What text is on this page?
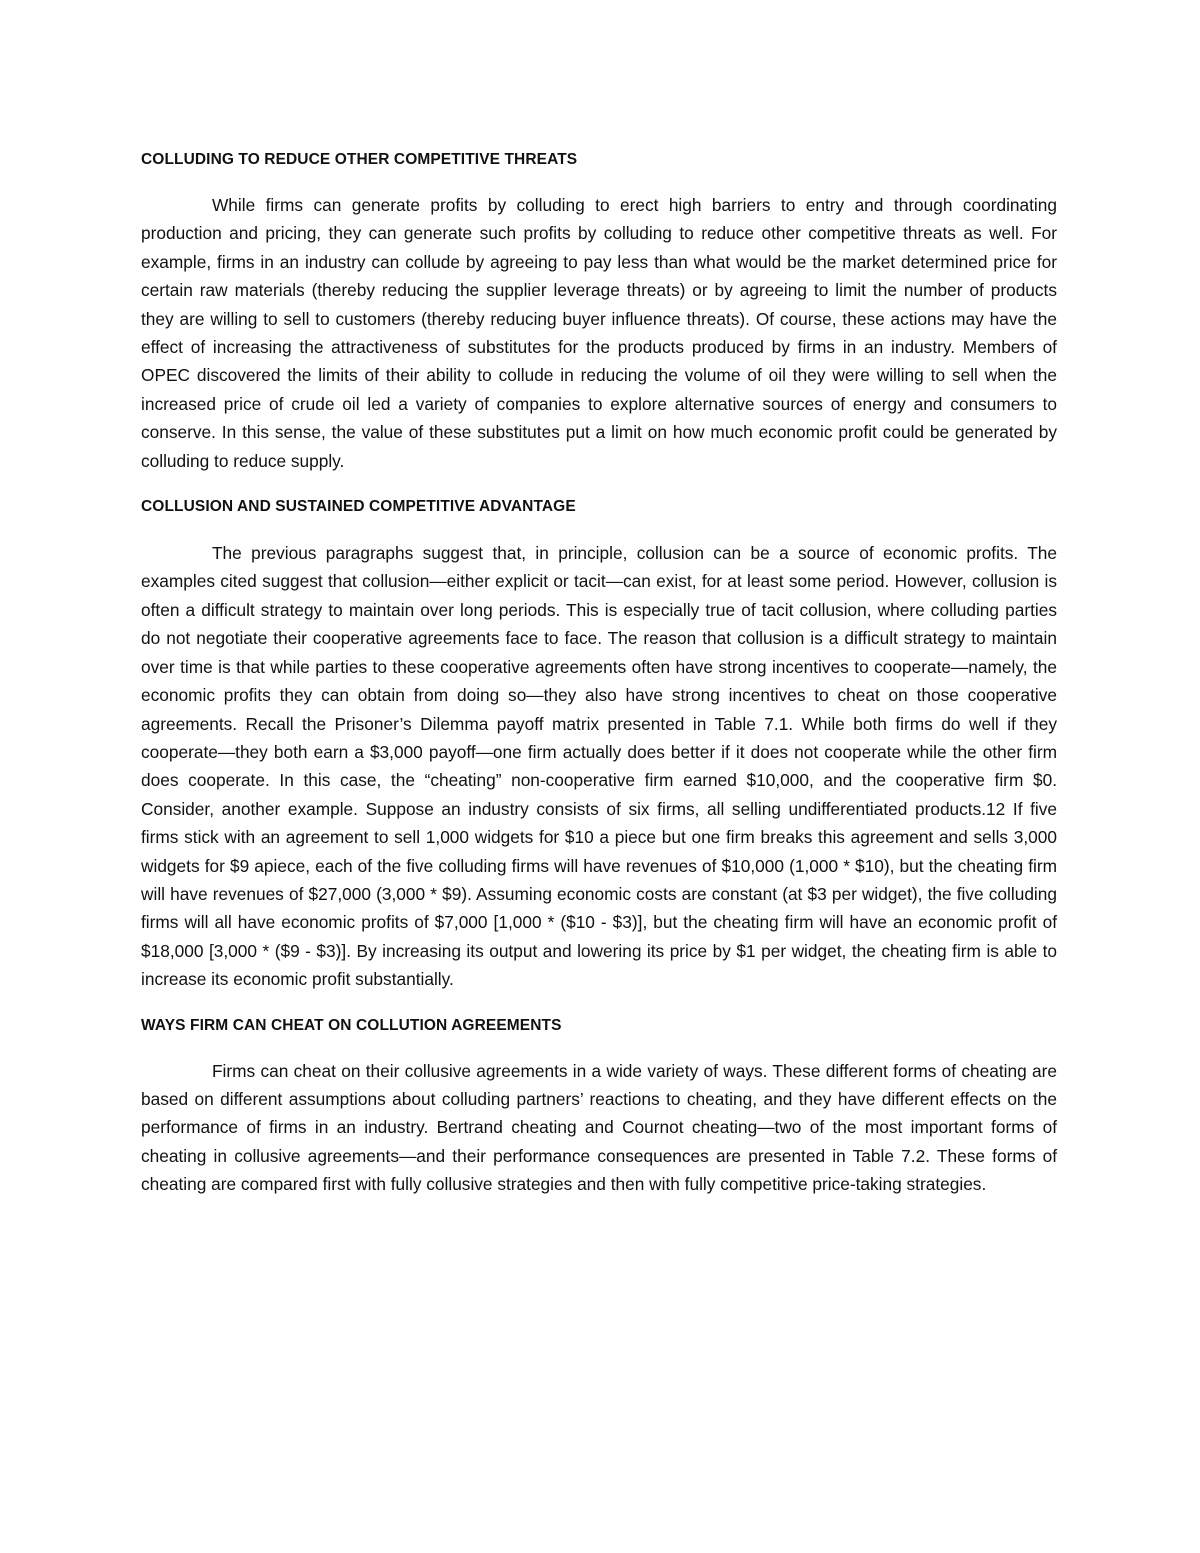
COLLUDING TO REDUCE OTHER COMPETITIVE THREATS

While firms can generate profits by colluding to erect high barriers to entry and through coordinating production and pricing, they can generate such profits by colluding to reduce other competitive threats as well. For example, firms in an industry can collude by agreeing to pay less than what would be the market determined price for certain raw materials (thereby reducing the supplier leverage threats) or by agreeing to limit the number of products they are willing to sell to customers (thereby reducing buyer influence threats). Of course, these actions may have the effect of increasing the attractiveness of substitutes for the products produced by firms in an industry. Members of OPEC discovered the limits of their ability to collude in reducing the volume of oil they were willing to sell when the increased price of crude oil led a variety of companies to explore alternative sources of energy and consumers to conserve. In this sense, the value of these substitutes put a limit on how much economic profit could be generated by colluding to reduce supply.

COLLUSION AND SUSTAINED COMPETITIVE ADVANTAGE

The previous paragraphs suggest that, in principle, collusion can be a source of economic profits. The examples cited suggest that collusion—either explicit or tacit—can exist, for at least some period. However, collusion is often a difficult strategy to maintain over long periods. This is especially true of tacit collusion, where colluding parties do not negotiate their cooperative agreements face to face. The reason that collusion is a difficult strategy to maintain over time is that while parties to these cooperative agreements often have strong incentives to cooperate—namely, the economic profits they can obtain from doing so—they also have strong incentives to cheat on those cooperative agreements. Recall the Prisoner’s Dilemma payoff matrix presented in Table 7.1. While both firms do well if they cooperate—they both earn a $3,000 payoff—one firm actually does better if it does not cooperate while the other firm does cooperate. In this case, the “cheating” non-cooperative firm earned $10,000, and the cooperative firm $0. Consider, another example. Suppose an industry consists of six firms, all selling undifferentiated products.12 If five firms stick with an agreement to sell 1,000 widgets for $10 a piece but one firm breaks this agreement and sells 3,000 widgets for $9 apiece, each of the five colluding firms will have revenues of $10,000 (1,000 * $10), but the cheating firm will have revenues of $27,000 (3,000 * $9). Assuming economic costs are constant (at $3 per widget), the five colluding firms will all have economic profits of $7,000 [1,000 * ($10 - $3)], but the cheating firm will have an economic profit of $18,000 [3,000 * ($9 - $3)]. By increasing its output and lowering its price by $1 per widget, the cheating firm is able to increase its economic profit substantially.

WAYS FIRM CAN CHEAT ON COLLUTION AGREEMENTS

Firms can cheat on their collusive agreements in a wide variety of ways. These different forms of cheating are based on different assumptions about colluding partners’ reactions to cheating, and they have different effects on the performance of firms in an industry. Bertrand cheating and Cournot cheating—two of the most important forms of cheating in collusive agreements—and their performance consequences are presented in Table 7.2. These forms of cheating are compared first with fully collusive strategies and then with fully competitive price-taking strategies.
